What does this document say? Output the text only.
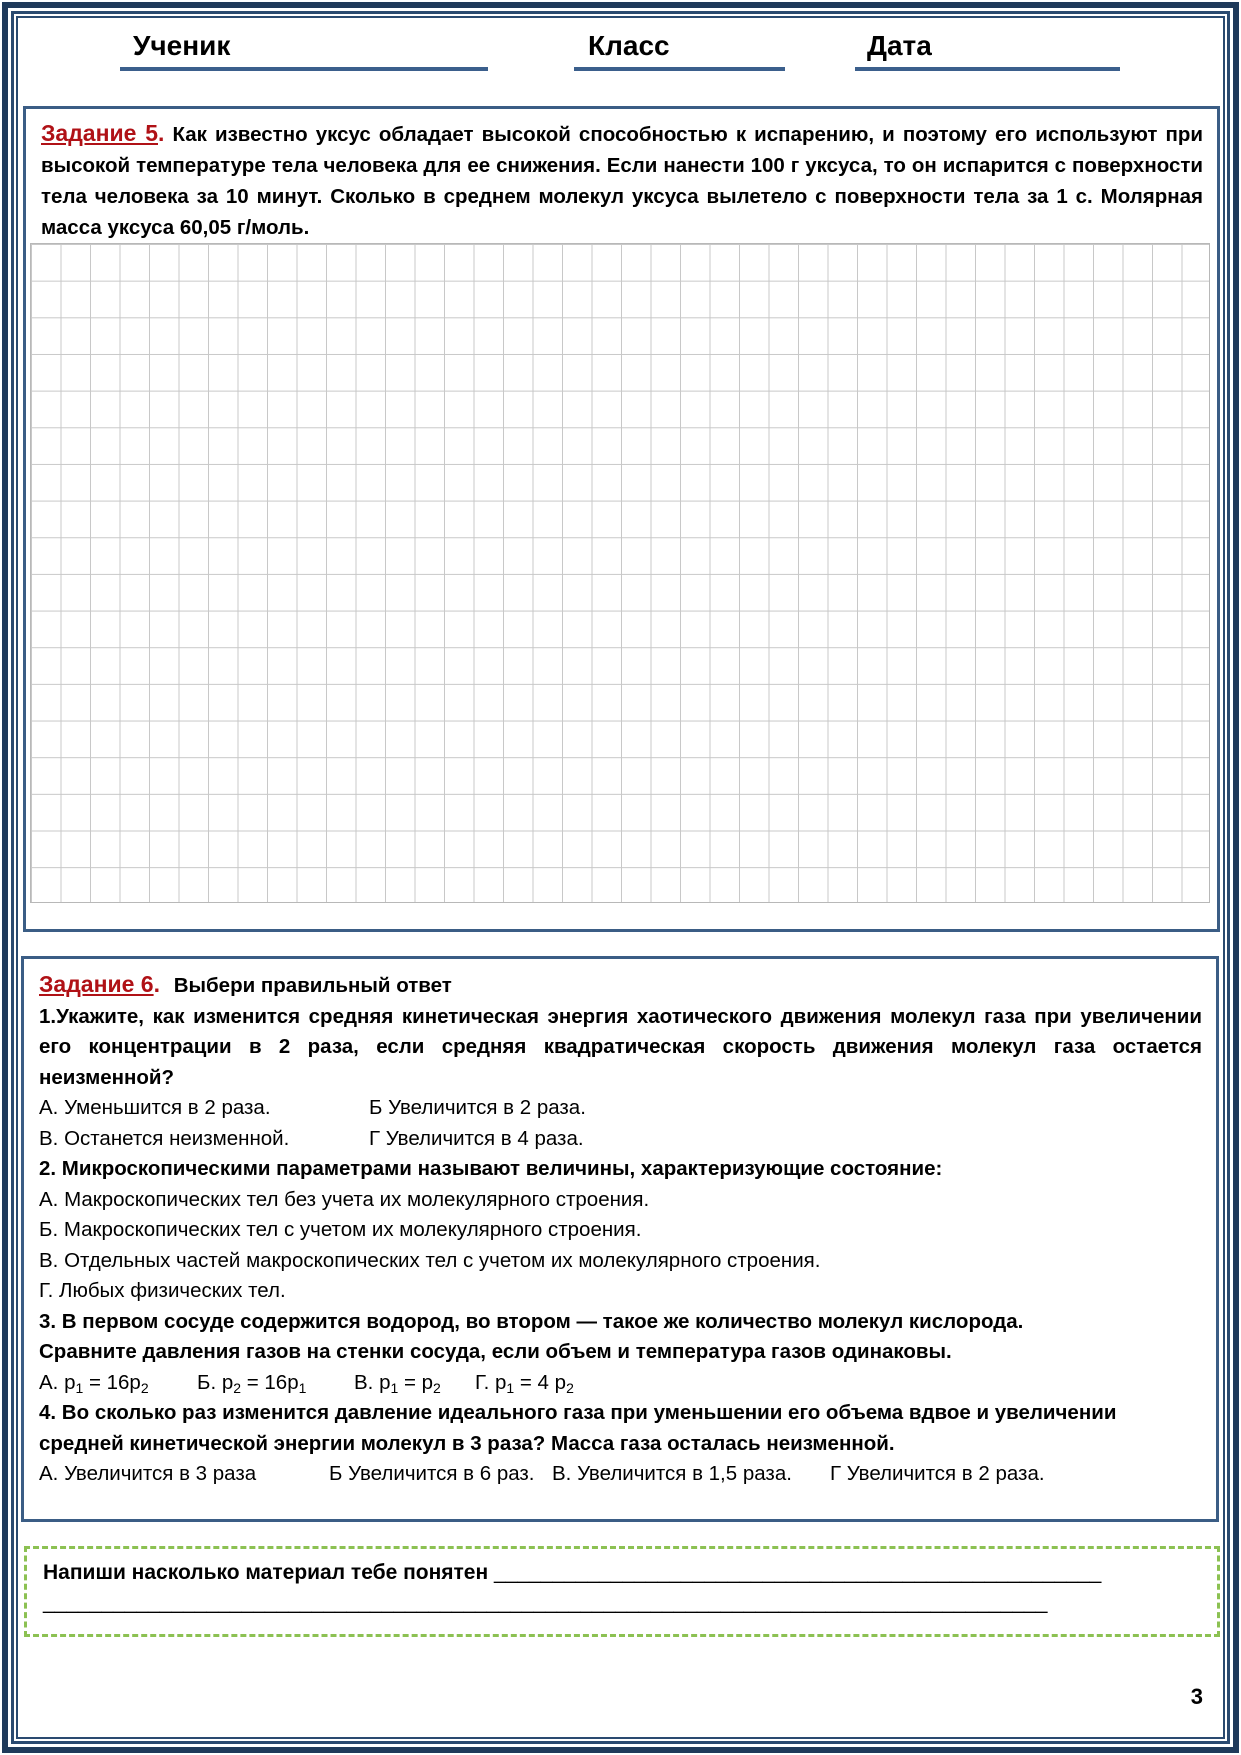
Ученик	Класс	Дата
Задание 5. Как известно уксус обладает высокой способностью к испарению, и поэтому его используют при высокой температуре тела человека для ее снижения. Если нанести 100 г уксуса, то он испарится с поверхности тела человека за 10 минут. Сколько в среднем молекул уксуса вылетело с поверхности тела за 1 с. Молярная масса уксуса 60,05 г/моль.
Задание 6. Выбери правильный ответ
1.Укажите, как изменится средняя кинетическая энергия хаотического движения молекул газа при увеличении его концентрации в 2 раза, если средняя квадратическая скорость движения молекул газа остается неизменной?
А. Уменьшится в 2 раза.	Б Увеличится в 2 раза.
В. Останется неизменной.	Г Увеличится в 4 раза.
2. Микроскопическими параметрами называют величины, характеризующие состояние:
А. Макроскопических тел без учета их молекулярного строения.
Б. Макроскопических тел с учетом их молекулярного строения.
В. Отдельных частей макроскопических тел с учетом их молекулярного строения.
Г. Любых физических тел.
3. В первом сосуде содержится водород, во втором — такое же количество молекул кислорода.
Сравните давления газов на стенки сосуда, если объем и температура газов одинаковы.
А. $p_1 = 16p_2$ Б. $p_2 = 16p_1$ В. $p_1 = p_2$ Г. $p_1 = 4$ $p_2$
4. Во сколько раз изменится давление идеального газа при уменьшении его объема вдвое и увеличении средней кинетической энергии молекул в 3 раза? Масса газа осталась неизменной.
А. Увеличится в 3 раза	Б Увеличится в 6 раз. В. Увеличится в 1,5 раза. Г Увеличится в 2 раза.
Напиши насколько материал тебе понятен ____________________________________________________
______________________________________________________________________________________
3
